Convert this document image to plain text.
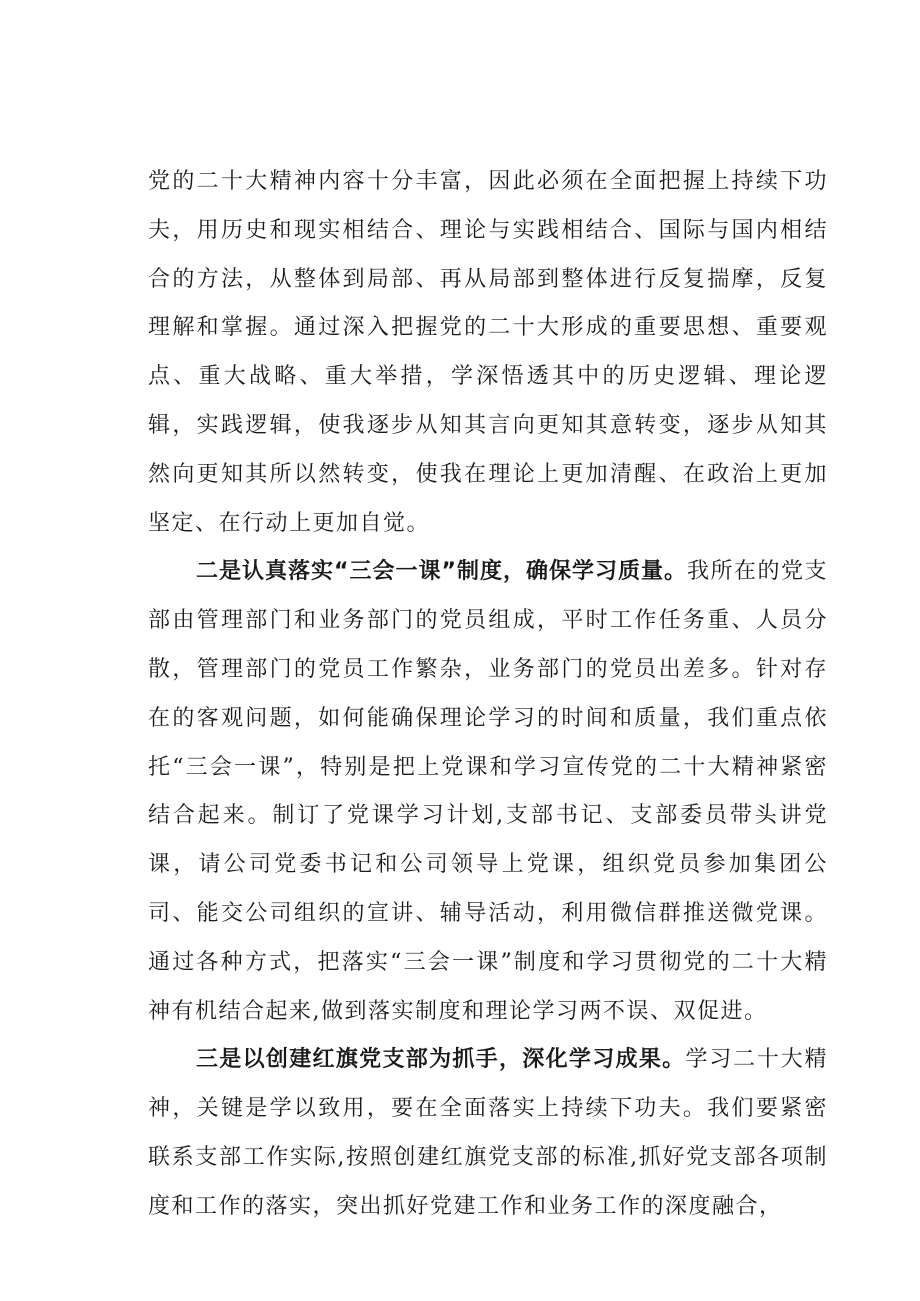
党的二十大精神内容十分丰富，因此必须在全面把握上持续下功夫，用历史和现实相结合、理论与实践相结合、国际与国内相结合的方法，从整体到局部、再从局部到整体进行反复揣摩，反复理解和掌握。通过深入把握党的二十大形成的重要思想、重要观点、重大战略、重大举措，学深悟透其中的历史逻辑、理论逻辑，实践逻辑，使我逐步从知其言向更知其意转变，逐步从知其然向更知其所以然转变，使我在理论上更加清醒、在政治上更加坚定、在行动上更加自觉。

二是认真落实“三会一课”制度，确保学习质量。我所在的党支部由管理部门和业务部门的党员组成，平时工作任务重、人员分散，管理部门的党员工作繁杂，业务部门的党员出差多。针对存在的客观问题，如何能确保理论学习的时间和质量，我们重点依托“三会一课”，特别是把上党课和学习宣传党的二十大精神紧密结合起来。制订了党课学习计划,支部书记、支部委员带头讲党课，请公司党委书记和公司领导上党课，组织党员参加集团公司、能交公司组织的宣讲、辅导活动，利用微信群推送微党课。通过各种方式，把落实“三会一课”制度和学习贯彻党的二十大精神有机结合起来,做到落实制度和理论学习两不误、双促进。

三是以创建红旗党支部为抓手，深化学习成果。学习二十大精神，关键是学以致用，要在全面落实上持续下功夫。我们要紧密联系支部工作实际,按照创建红旗党支部的标准,抓好党支部各项制度和工作的落实，突出抓好党建工作和业务工作的深度融合，
